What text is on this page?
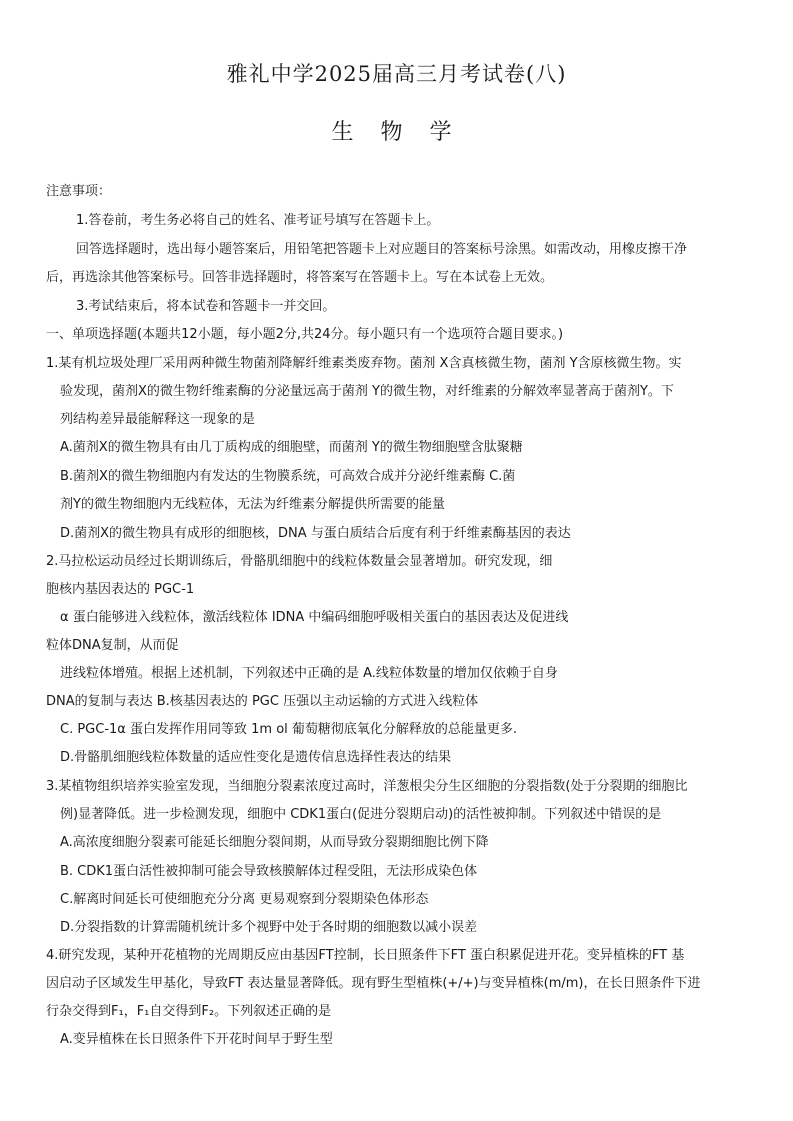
雅礼中学2025届高三月考试卷(八)
生 物 学
注意事项：
1.答卷前，考生务必将自己的姓名、准考证号填写在答题卡上。
回答选择题时，选出每小题答案后，用铅笔把答题卡上对应题目的答案标号涂黑。如需改动，用橡皮擦干净
后，再选涂其他答案标号。回答非选择题时，将答案写在答题卡上。写在本试卷上无效。
3.考试结束后，将本试卷和答题卡一并交回。
一、单项选择题(本题共12小题，每小题2分,共24分。每小题只有一个选项符合题目要求。)
1.某有机垃圾处理厂采用两种微生物菌剂降解纤维素类废弃物。菌剂 X含真核微生物，菌剂 Y含原核微生物。实
验发现，菌剂X的微生物纤维素酶的分泌量远高于菌剂 Y的微生物，对纤维素的分解效率显著高于菌剂Y。下
列结构差异最能解释这一现象的是
A.菌剂X的微生物具有由几丁质构成的细胞壁，而菌剂 Y的微生物细胞壁含肽聚糖
B.菌剂X的微生物细胞内有发达的生物膜系统，可高效合成并分泌纤维素酶 C.菌
剂Y的微生物细胞内无线粒体，无法为纤维素分解提供所需要的能量
D.菌剂X的微生物具有成形的细胞核，DNA 与蛋白质结合后度有利于纤维素酶基因的表达
2.马拉松运动员经过长期训练后，骨骼肌细胞中的线粒体数量会显著增加。研究发现，细
胞核内基因表达的 PGC-1
α 蛋白能够进入线粒体，激活线粒体 IDNA 中编码细胞呼吸相关蛋白的基因表达及促进线
粒体DNA复制，从而促
进线粒体增殖。根据上述机制，下列叙述中正确的是 A.线粒体数量的增加仅依赖于自身
DNA的复制与表达 B.核基因表达的 PGC 压强以主动运输的方式进入线粒体
C. PGC-1α 蛋白发挥作用同等致 1m ol 葡萄糖彻底氧化分解释放的总能量更多.
D.骨骼肌细胞线粒体数量的适应性变化是遗传信息选择性表达的结果
3.某植物组织培养实验室发现，当细胞分裂素浓度过高时，洋葱根尖分生区细胞的分裂指数(处于分裂期的细胞比
例)显著降低。进一步检测发现，细胞中 CDK1蛋白(促进分裂期启动)的活性被抑制。下列叙述中错误的是
A.高浓度细胞分裂素可能延长细胞分裂间期，从而导致分裂期细胞比例下降
B. CDK1蛋白活性被抑制可能会导致核膜解体过程受阻，无法形成染色体
C.解离时间延长可使细胞充分分离 更易观察到分裂期染色体形态
D.分裂指数的计算需随机统计多个视野中处于各时期的细胞数以减小误差
4.研究发现，某种开花植物的光周期反应由基因FT控制，长日照条件下FT 蛋白积累促进开花。变异植株的FT 基
因启动子区域发生甲基化，导致FT 表达量显著降低。现有野生型植株(+/+)与变异植株(m/m)，在长日照条件下进
行杂交得到F₁，F₁自交得到F₂。下列叙述正确的是
A.变异植株在长日照条件下开花时间早于野生型
